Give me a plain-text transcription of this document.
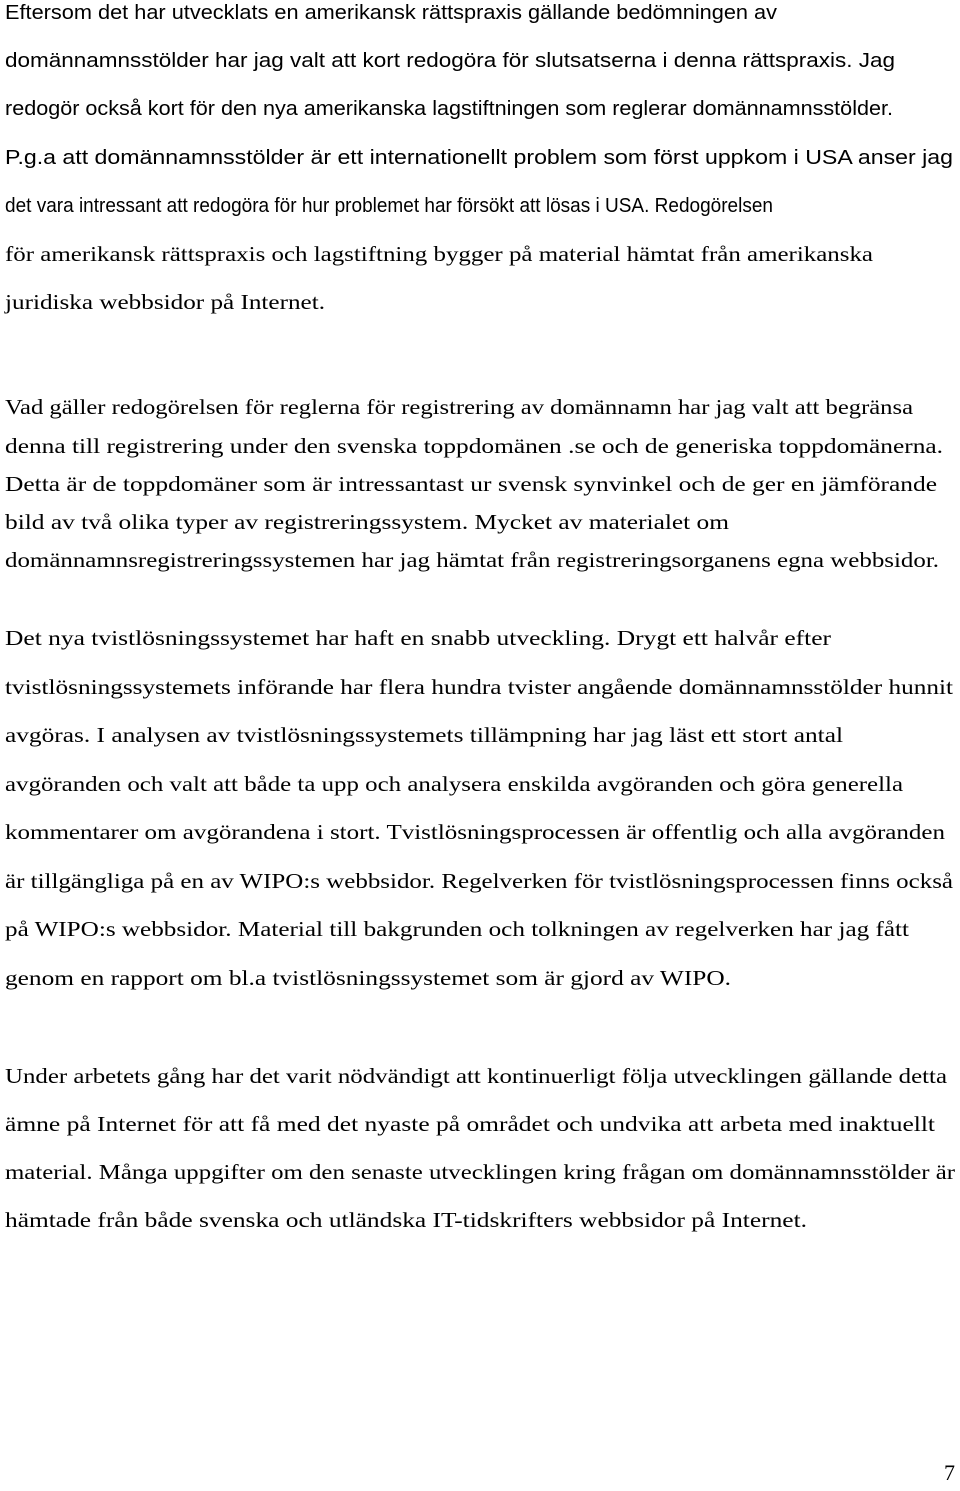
Eftersom det har utvecklats en amerikansk rättspraxis gällande bedömningen av
domännamnsstölder har jag valt att kort redogöra för slutsatserna i denna rättspraxis. Jag
redogör också kort för den nya amerikanska lagstiftningen som reglerar domännamnsstölder.
P.g.a att domännamnsstölder är ett internationellt problem som först uppkom i USA anser jag
det vara intressant att redogöra för hur problemet har försökt att lösas i USA. Redogörelsen
för amerikansk rättspraxis och lagstiftning bygger på material hämtat från amerikanska
juridiska webbsidor på Internet.
Vad gäller redogörelsen för reglerna för registrering av domännamn har jag valt att begränsa
denna till registrering under den svenska toppdomänen .se och de generiska toppdomänerna.
Detta är de toppdomäner som är intressantast ur svensk synvinkel och de ger en jämförande
bild av två olika typer av registreringssystem. Mycket av materialet om
domännamnsregistreringssystemen har jag hämtat från registreringsorganens egna webbsidor.
Det nya tvistlösningssystemet har haft en snabb utveckling. Drygt ett halvår efter
tvistlösningssystemets införande har flera hundra tvister angående domännamnsstölder hunnit
avgöras. I analysen av tvistlösningssystemets tillämpning har jag läst ett stort antal
avgöranden och valt att både ta upp och analysera enskilda avgöranden och göra generella
kommentarer om avgörandena i stort. Tvistlösningsprocessen är offentlig och alla avgöranden
är tillgängliga på en av WIPO:s webbsidor. Regelverken för tvistlösningsprocessen finns också
på WIPO:s webbsidor. Material till bakgrunden och tolkningen av regelverken har jag fått
genom en rapport om bl.a tvistlösningssystemet som är gjord av WIPO.
Under arbetets gång har det varit nödvändigt att kontinuerligt följa utvecklingen gällande detta
ämne på Internet för att få med det nyaste på området och undvika att arbeta med inaktuellt
material. Många uppgifter om den senaste utvecklingen kring frågan om domännamnsstölder är
hämtade från både svenska och utländska IT-tidskrifters webbsidor på Internet.
7
